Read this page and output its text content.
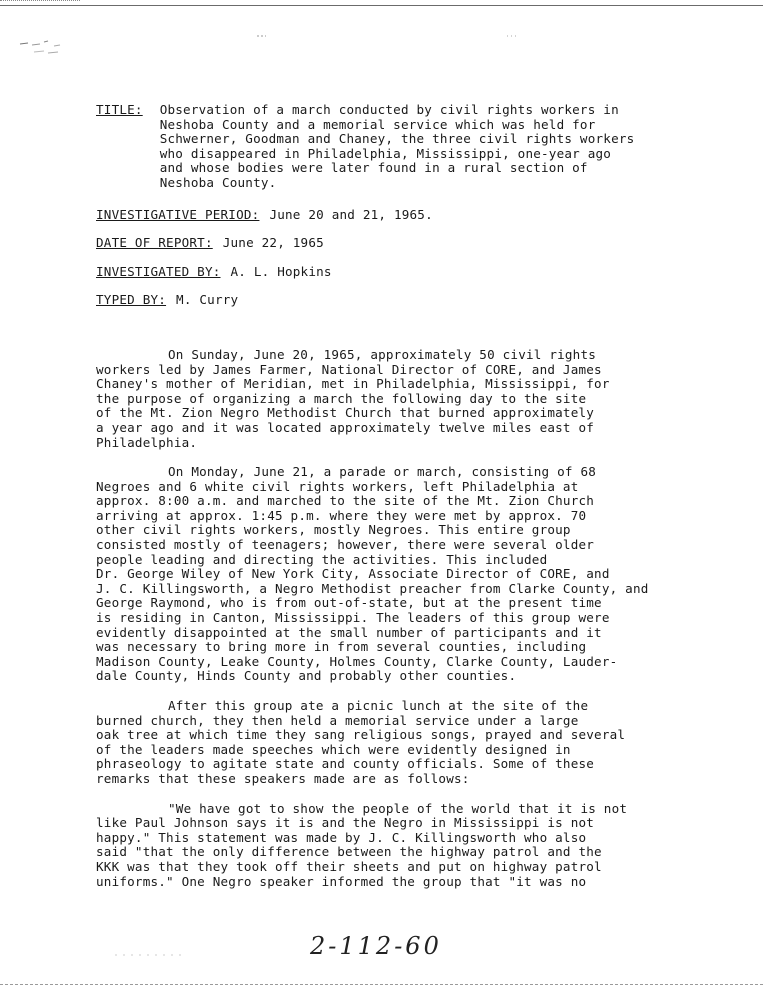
TITLE: Observation of a march conducted by civil rights workers in
Neshoba County and a memorial service which was held for
Schwerner, Goodman and Chaney, the three civil rights workers
who disappeared in Philadelphia, Mississippi, one-year ago
and whose bodies were later found in a rural section of
Neshoba County.
INVESTIGATIVE PERIOD: June 20 and 21, 1965.
DATE OF REPORT: June 22, 1965
INVESTIGATED BY: A. L. Hopkins
TYPED BY: M. Curry

On Sunday, June 20, 1965, approximately 50 civil rights
workers led by James Farmer, National Director of CORE, and James
Chaney's mother of Meridian, met in Philadelphia, Mississippi, for
the purpose of organizing a march the following day to the site
of the Mt. Zion Negro Methodist Church that burned approximately
a year ago and it was located approximately twelve miles east of
Philadelphia.

On Monday, June 21, a parade or march, consisting of 68
Negroes and 6 white civil rights workers, left Philadelphia at
approx. 8:00 a.m. and marched to the site of the Mt. Zion Church
arriving at approx. 1:45 p.m. where they were met by approx. 70
other civil rights workers, mostly Negroes. This entire group
consisted mostly of teenagers; however, there were several older
people leading and directing the activities. This included
Dr. George Wiley of New York City, Associate Director of CORE, and
J. C. Killingsworth, a Negro Methodist preacher from Clarke County, and
George Raymond, who is from out-of-state, but at the present time
is residing in Canton, Mississippi. The leaders of this group were
evidently disappointed at the small number of participants and it
was necessary to bring more in from several counties, including
Madison County, Leake County, Holmes County, Clarke County, Lauder-
dale County, Hinds County and probably other counties.

After this group ate a picnic lunch at the site of the
burned church, they then held a memorial service under a large
oak tree at which time they sang religious songs, prayed and several
of the leaders made speeches which were evidently designed in
phraseology to agitate state and county officials. Some of these
remarks that these speakers made are as follows:

"We have got to show the people of the world that it is not
like Paul Johnson says it is and the Negro in Mississippi is not
happy." This statement was made by J. C. Killingsworth who also
said "that the only difference between the highway patrol and the
KKK was that they took off their sheets and put on highway patrol
uniforms." One Negro speaker informed the group that "it was no

2-112-60
